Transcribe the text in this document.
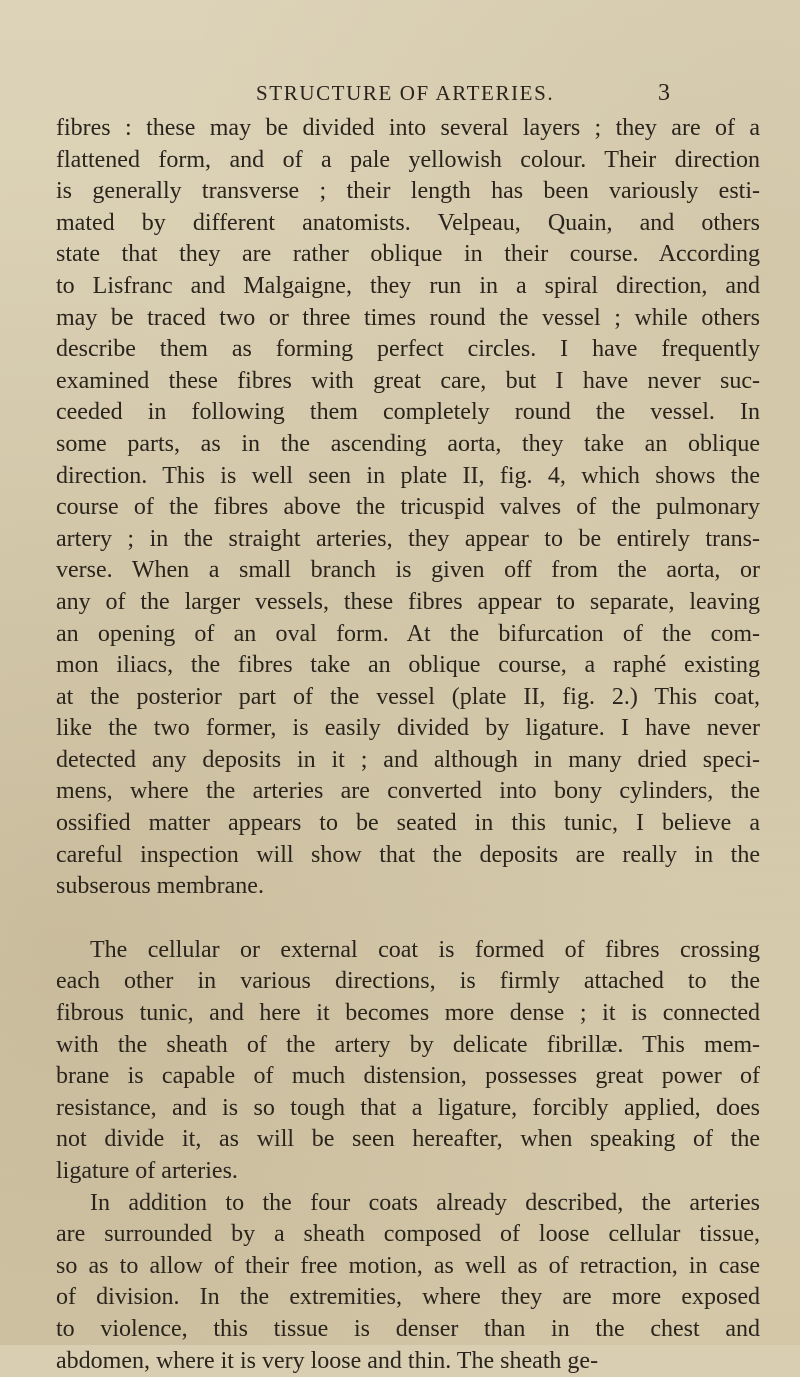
STRUCTURE OF ARTERIES.	3
fibres : these may be divided into several layers ; they are of a
flattened form, and of a pale yellowish colour. Their direction
is generally transverse ; their length has been variously esti-
mated by different anatomists. Velpeau, Quain, and others
state that they are rather oblique in their course. According
to Lisfranc and Malgaigne, they run in a spiral direction, and
may be traced two or three times round the vessel ; while others
describe them as forming perfect circles. I have frequently
examined these fibres with great care, but I have never suc-
ceeded in following them completely round the vessel. In
some parts, as in the ascending aorta, they take an oblique
direction. This is well seen in plate II, fig. 4, which shows the
course of the fibres above the tricuspid valves of the pulmonary
artery ; in the straight arteries, they appear to be entirely trans-
verse. When a small branch is given off from the aorta, or
any of the larger vessels, these fibres appear to separate, leaving
an opening of an oval form. At the bifurcation of the com-
mon iliacs, the fibres take an oblique course, a raphé existing
at the posterior part of the vessel (plate II, fig. 2.) This coat,
like the two former, is easily divided by ligature. I have never
detected any deposits in it ; and although in many dried speci-
mens, where the arteries are converted into bony cylinders, the
ossified matter appears to be seated in this tunic, I believe a
careful inspection will show that the deposits are really in the
subserous membrane.
The cellular or external coat is formed of fibres crossing
each other in various directions, is firmly attached to the
fibrous tunic, and here it becomes more dense ; it is connected
with the sheath of the artery by delicate fibrillæ. This mem-
brane is capable of much distension, possesses great power of
resistance, and is so tough that a ligature, forcibly applied, does
not divide it, as will be seen hereafter, when speaking of the
ligature of arteries.
In addition to the four coats already described, the arteries
are surrounded by a sheath composed of loose cellular tissue,
so as to allow of their free motion, as well as of retraction, in case
of division. In the extremities, where they are more exposed
to violence, this tissue is denser than in the chest and
abdomen, where it is very loose and thin. The sheath ge-
